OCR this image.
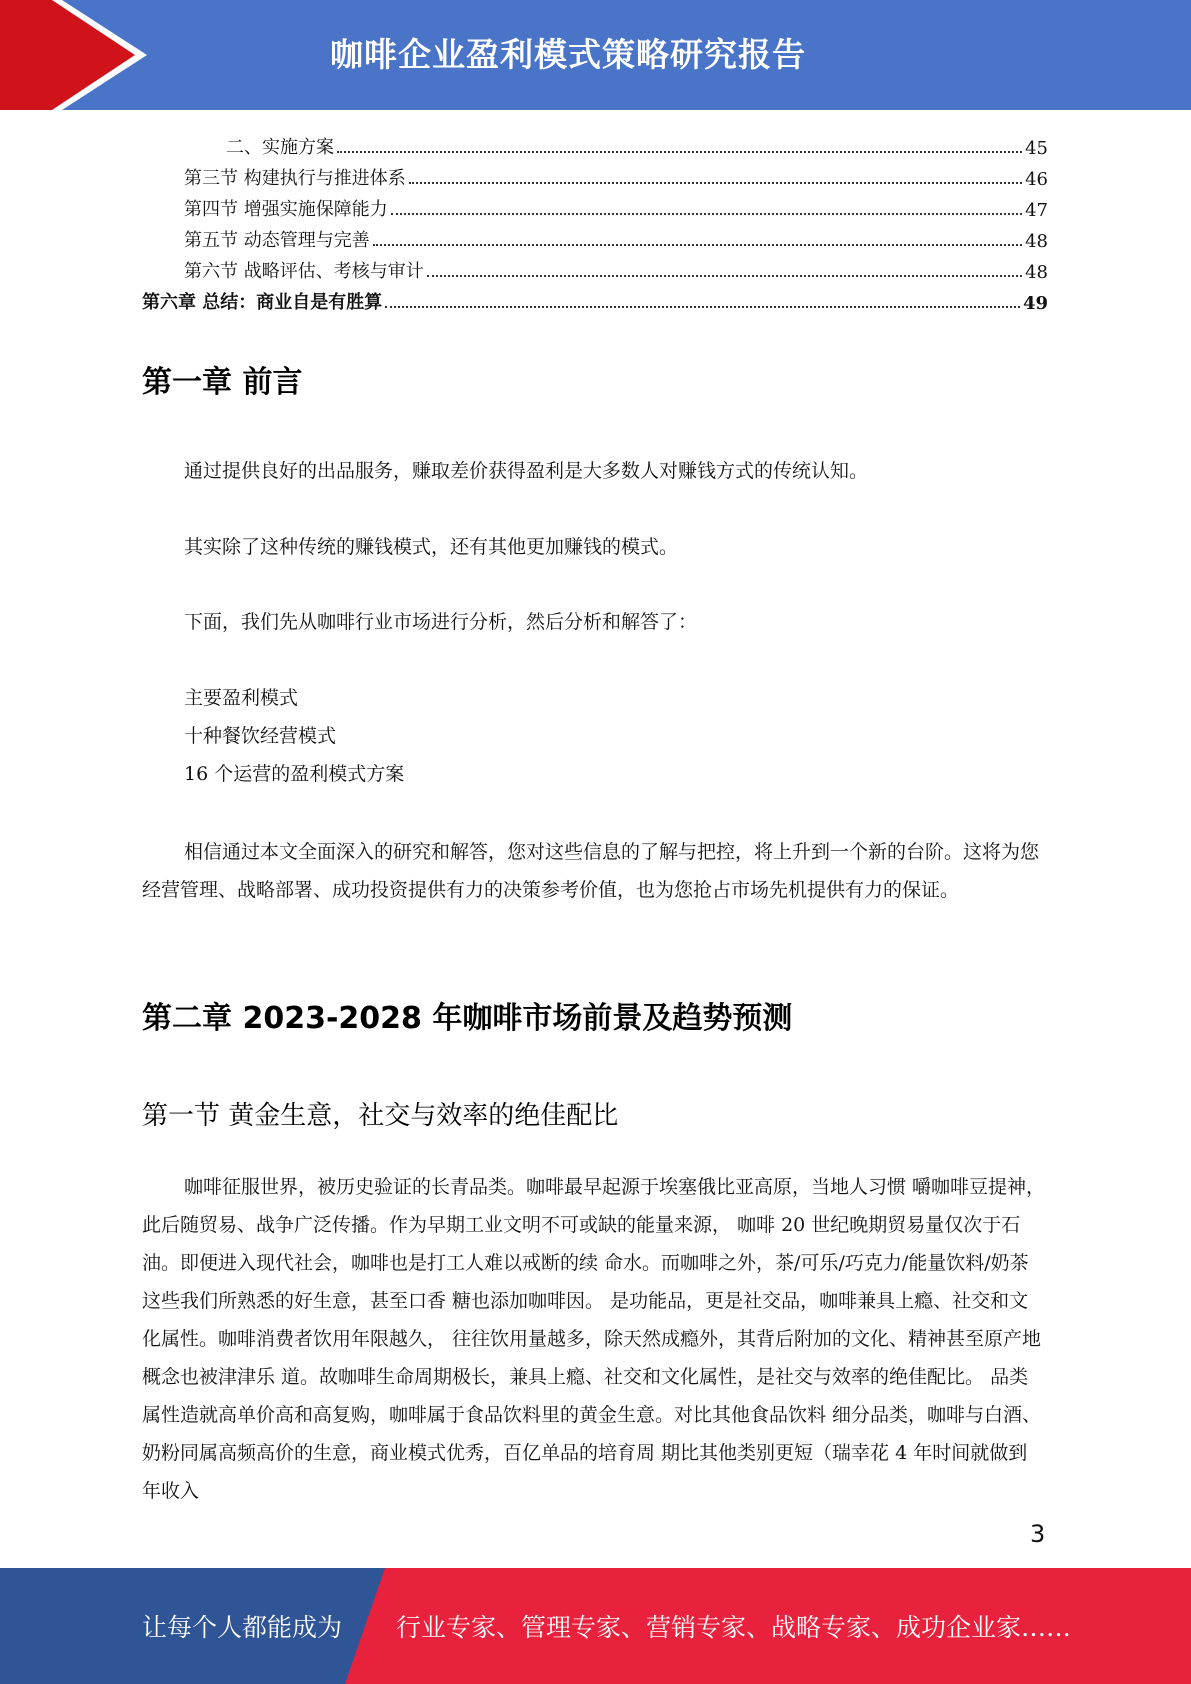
咖啡企业盈利模式策略研究报告
二、实施方案	45
第三节 构建执行与推进体系	46
第四节 增强实施保障能力	47
第五节 动态管理与完善	48
第六节 战略评估、考核与审计	48
第六章 总结：商业自是有胜算	49
第一章 前言

通过提供良好的出品服务，赚取差价获得盈利是大多数人对赚钱方式的传统认知。

其实除了这种传统的赚钱模式，还有其他更加赚钱的模式。

下面，我们先从咖啡行业市场进行分析，然后分析和解答了：

主要盈利模式

十种餐饮经营模式

16 个运营的盈利模式方案

相信通过本文全面深入的研究和解答，您对这些信息的了解与把控，将上升到一个新的台阶。这将为您经营管理、战略部署、成功投资提供有力的决策参考价值，也为您抢占市场先机提供有力的保证。

第二章 2023-2028 年咖啡市场前景及趋势预测
第一节 黄金生意，社交与效率的绝佳配比

咖啡征服世界，被历史验证的长青品类。咖啡最早起源于埃塞俄比亚高原，当地人习惯 嚼咖啡豆提神，此后随贸易、战争广泛传播。作为早期工业文明不可或缺的能量来源， 咖啡 20 世纪晚期贸易量仅次于石油。即便进入现代社会，咖啡也是打工人难以戒断的续 命水。而咖啡之外，茶/可乐/巧克力/能量饮料/奶茶这些我们所熟悉的好生意，甚至口香 糖也添加咖啡因。 是功能品，更是社交品，咖啡兼具上瘾、社交和文化属性。咖啡消费者饮用年限越久， 往往饮用量越多，除天然成瘾外，其背后附加的文化、精神甚至原产地概念也被津津乐 道。故咖啡生命周期极长，兼具上瘾、社交和文化属性，是社交与效率的绝佳配比。 品类属性造就高单价高和高复购，咖啡属于食品饮料里的黄金生意。对比其他食品饮料 细分品类，咖啡与白酒、奶粉同属高频高价的生意，商业模式优秀，百亿单品的培育周 期比其他类别更短（瑞幸花 4 年时间就做到年收入

3
让每个人都能成为 行业专家、管理专家、营销专家、战略专家、成功企业家……
